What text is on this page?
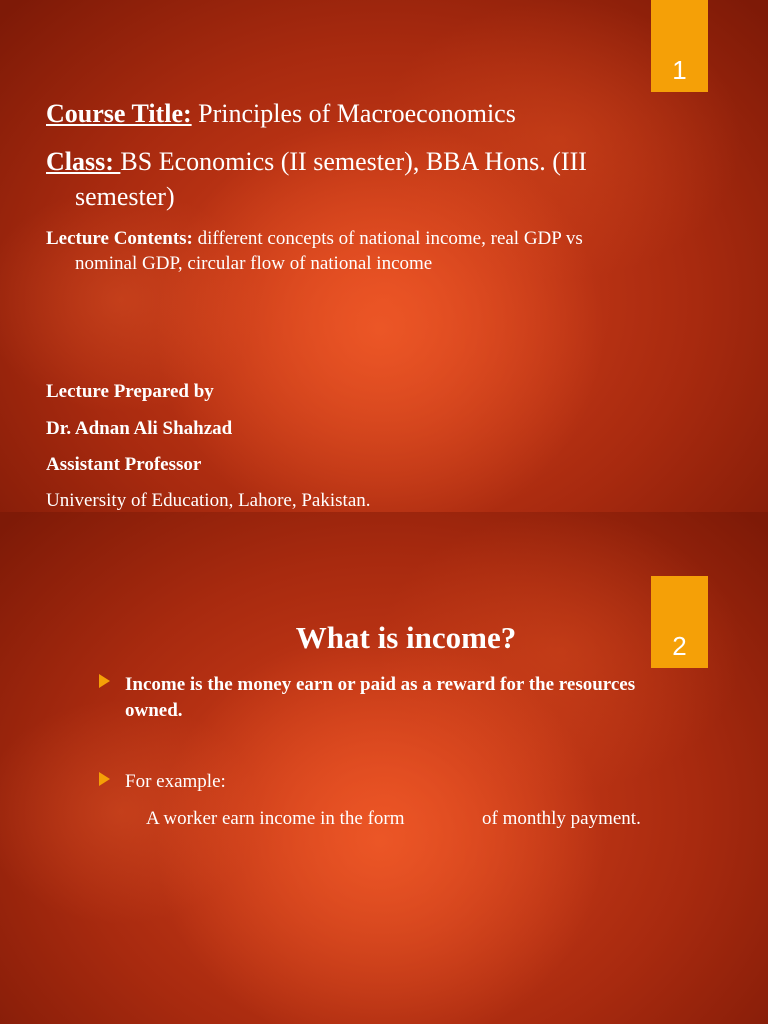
1
Course Title: Principles of Macroeconomics
Class: BS Economics (II semester), BBA Hons. (III
semester)
Lecture Contents: different concepts of national income, real GDP vs
nominal GDP, circular flow of national income
Lecture Prepared by
Dr. Adnan Ali Shahzad
Assistant Professor
University of Education, Lahore, Pakistan.
2
What is income?
Income is the money earn or paid as a reward for the resources
owned.
For example:
A worker earn income in the form	of monthly payment.
